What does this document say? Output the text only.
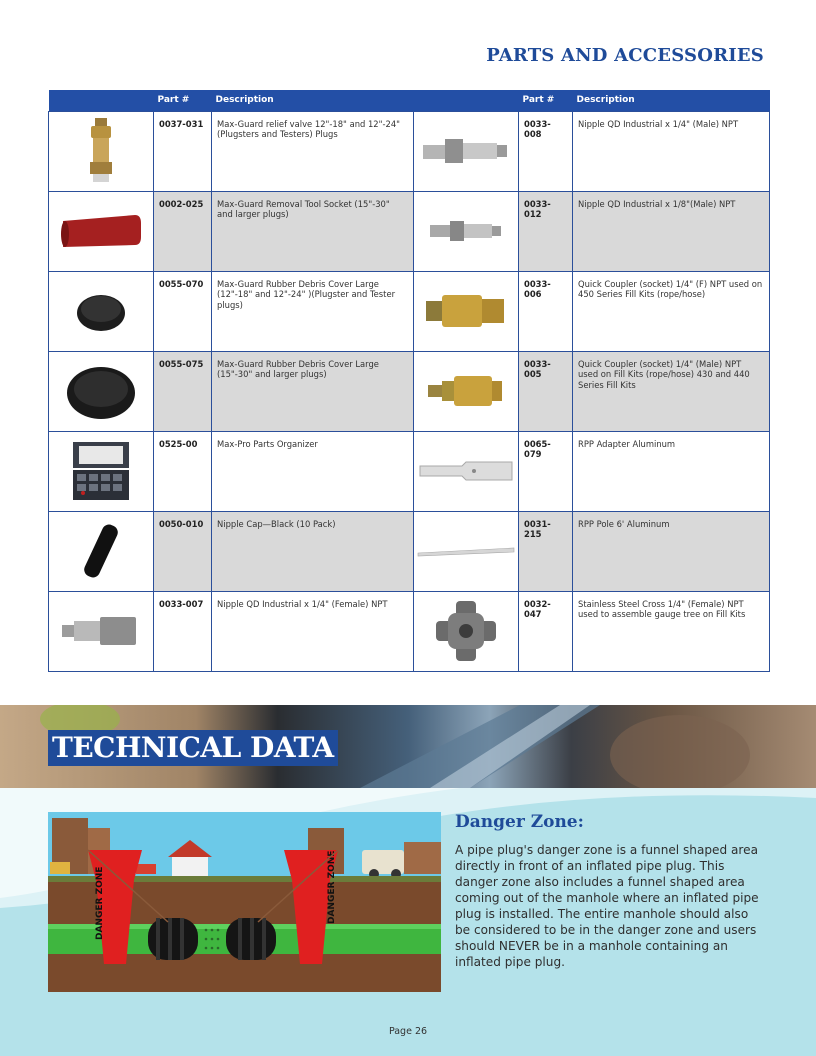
PARTS AND ACCESSORIES
	Part #	Description		Part #	Description

	0037-031	Max-Guard relief valve 12"-18" and 12"-24" (Plugsters and Testers) Plugs		0033-008	Nipple QD Industrial x 1/4" (Male) NPT

	0002-025	Max-Guard Removal Tool Socket (15"-30" and larger plugs)		0033-012	Nipple QD Industrial x 1/8"(Male) NPT

	0055-070	Max-Guard Rubber Debris Cover Large (12"-18" and 12"-24" )(Plugster and Tester plugs)		0033-006	Quick Coupler (socket) 1/4" (F) NPT used on 450 Series Fill Kits (rope/hose)

	0055-075	Max-Guard Rubber Debris Cover Large (15"-30" and larger plugs)		0033-005	Quick Coupler (socket) 1/4" (Male) NPT used on Fill Kits (rope/hose) 430 and 440 Series Fill Kits

	0525-00	Max-Pro Parts Organizer		0065-079	RPP Adapter Aluminum

	0050-010	Nipple Cap—Black (10 Pack)		0031-215	RPP Pole 6' Aluminum

	0033-007	Nipple QD Industrial x 1/4" (Female) NPT		0032-047	Stainless Steel Cross 1/4" (Female) NPT used to assemble gauge tree on Fill Kits
TECHNICAL DATA
DANGER ZONE	DANGER ZONE
Danger Zone:
A pipe plug's danger zone is a funnel shaped area directly in front of an inflated pipe plug. This danger zone also includes a funnel shaped area coming out of the manhole where an inflated pipe plug is installed. The entire manhole should also be considered to be in the danger zone and users should NEVER be in a manhole containing an inflated pipe plug.
Page 26
